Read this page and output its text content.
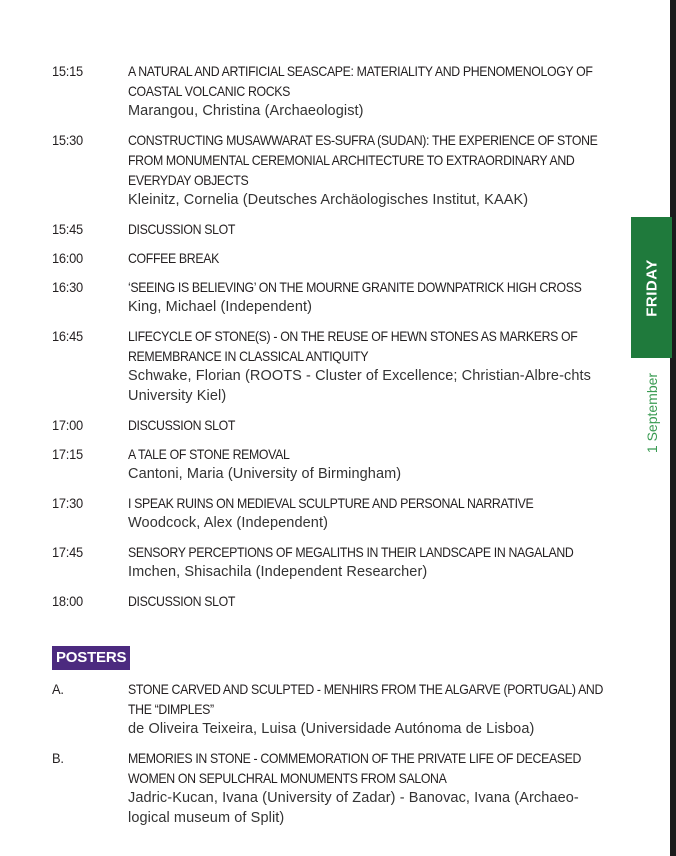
15:15	A NATURAL AND ARTIFICIAL SEASCAPE: MATERIALITY AND PHENOMENOLOGY OF COASTAL VOLCANIC ROCKS
Marangou, Christina (Archaeologist)
15:30	CONSTRUCTING MUSAWWARAT ES-SUFRA (SUDAN): THE EXPERIENCE OF STONE FROM MONUMENTAL CEREMONIAL ARCHITECTURE TO EXTRAORDINARY AND EVERYDAY OBJECTS
Kleinitz, Cornelia (Deutsches Archäologisches Institut, KAAK)
15:45	DISCUSSION SLOT
16:00	COFFEE BREAK
16:30	‘SEEING IS BELIEVING’ ON THE MOURNE GRANITE DOWNPATRICK HIGH CROSS
King, Michael (Independent)
16:45	LIFECYCLE OF STONE(S) - ON THE REUSE OF HEWN STONES AS MARKERS OF REMEMBRANCE IN CLASSICAL ANTIQUITY
Schwake, Florian (ROOTS - Cluster of Excellence; Christian-Albre-chts University Kiel)
17:00	DISCUSSION SLOT
17:15	A TALE OF STONE REMOVAL
Cantoni, Maria (University of Birmingham)
17:30	I SPEAK RUINS ON MEDIEVAL SCULPTURE AND PERSONAL NARRATIVE
Woodcock, Alex (Independent)
17:45	SENSORY PERCEPTIONS OF MEGALITHS IN THEIR LANDSCAPE IN NAGALAND
Imchen, Shisachila (Independent Researcher)
18:00	DISCUSSION SLOT
POSTERS
A.	STONE CARVED AND SCULPTED - MENHIRS FROM THE ALGARVE (PORTUGAL) AND THE “DIMPLES”
de Oliveira Teixeira, Luisa (Universidade Autónoma de Lisboa)
B.	MEMORIES IN STONE - COMMEMORATION OF THE PRIVATE LIFE OF DECEASED WOMEN ON SEPULCHRAL MONUMENTS FROM SALONA
Jadric-Kucan, Ivana (University of Zadar) - Banovac, Ivana (Archaeo-logical museum of Split)
FRIDAY
1 September
